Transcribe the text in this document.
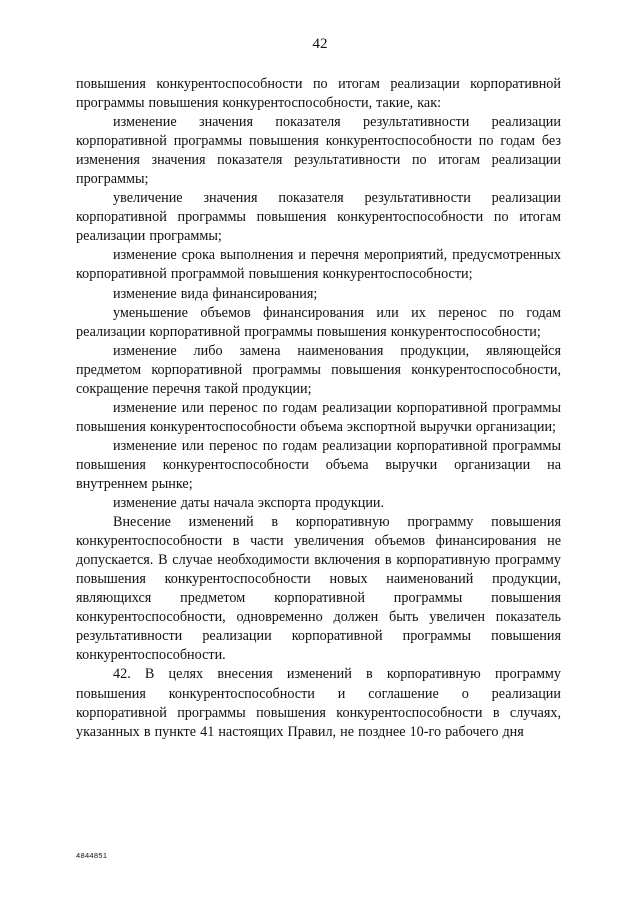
42

повышения конкурентоспособности по итогам реализации корпоративной программы повышения конкурентоспособности, такие, как:

изменение значения показателя результативности реализации корпоративной программы повышения конкурентоспособности по годам без изменения значения показателя результативности по итогам реализации программы;

увеличение значения показателя результативности реализации корпоративной программы повышения конкурентоспособности по итогам реализации программы;

изменение срока выполнения и перечня мероприятий, предусмотренных корпоративной программой повышения конкурентоспособности;

изменение вида финансирования;

уменьшение объемов финансирования или их перенос по годам реализации корпоративной программы повышения конкурентоспособности;

изменение либо замена наименования продукции, являющейся предметом корпоративной программы повышения конкурентоспособности, сокращение перечня такой продукции;

изменение или перенос по годам реализации корпоративной программы повышения конкурентоспособности объема экспортной выручки организации;

изменение или перенос по годам реализации корпоративной программы повышения конкурентоспособности объема выручки организации на внутреннем рынке;

изменение даты начала экспорта продукции.

Внесение изменений в корпоративную программу повышения конкурентоспособности в части увеличения объемов финансирования не допускается. В случае необходимости включения в корпоративную программу повышения конкурентоспособности новых наименований продукции, являющихся предметом корпоративной программы повышения конкурентоспособности, одновременно должен быть увеличен показатель результативности реализации корпоративной программы повышения конкурентоспособности.

42. В целях внесения изменений в корпоративную программу повышения конкурентоспособности и соглашение о реализации корпоративной программы повышения конкурентоспособности в случаях, указанных в пункте 41 настоящих Правил, не позднее 10-го рабочего дня

4844851
